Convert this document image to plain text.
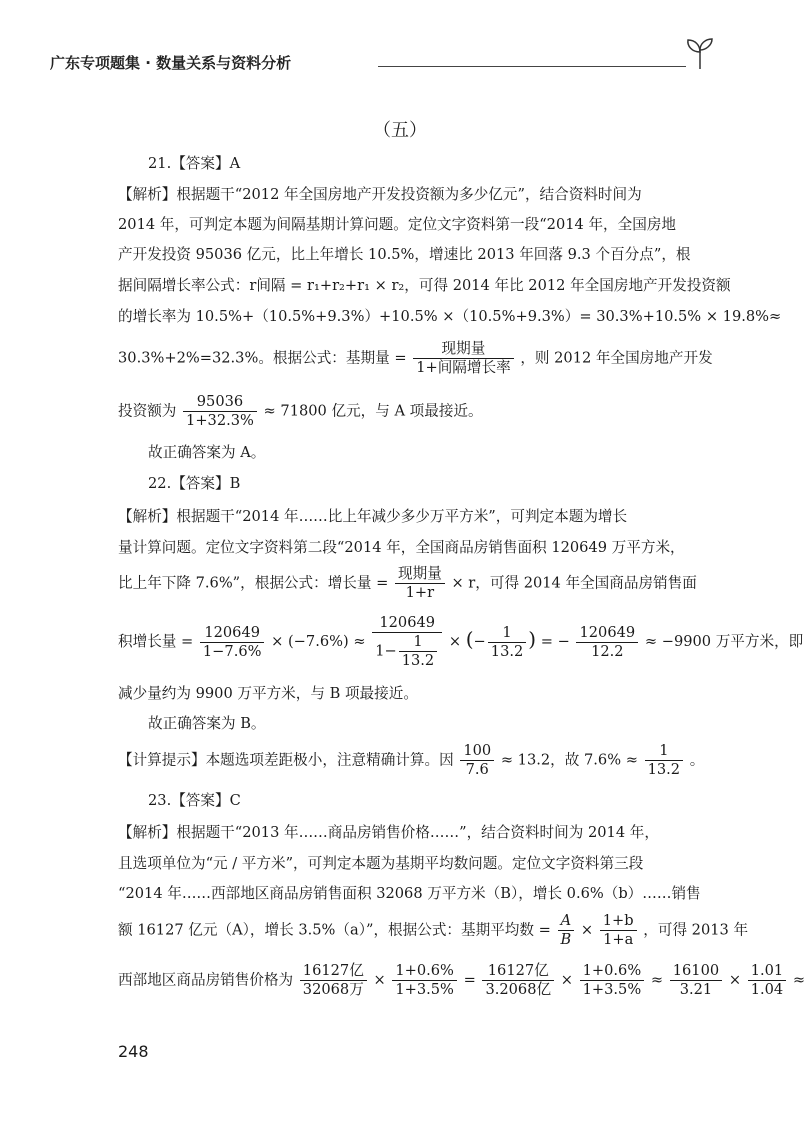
广东专项题集 · 数量关系与资料分析
（五）
21.【答案】A
【解析】根据题干“2012 年全国房地产开发投资额为多少亿元”，结合资料时间为
2014 年，可判定本题为间隔基期计算问题。定位文字资料第一段“2014 年，全国房地
产开发投资 95036 亿元，比上年增长 10.5%，增速比 2013 年回落 9.3 个百分点”，根
据间隔增长率公式：r间隔 = r₁+r₂+r₁ × r₂，可得 2014 年比 2012 年全国房地产开发投资额
的增长率为 10.5%+（10.5%+9.3%）+10.5% ×（10.5%+9.3%）= 30.3%+10.5% × 19.8%≈
30.3%+2%=32.3%。根据公式：基期量 =
现期量
1+间隔增长率
，则 2012 年全国房地产开发
投资额为 $\frac{95036}{1+32.3\%} \approx 71800$ 亿元，与 A 项最接近。
故正确答案为 A。
22.【答案】B
【解析】根据题干“2014 年……比上年减少多少万平方米”，可判定本题为增长
量计算问题。定位文字资料第二段“2014 年，全国商品房销售面积 120649 万平方米，
比上年下降 7.6%”，根据公式：增长量 =
现期量
1+r
× r，可得 2014 年全国商品房销售面
积增长量 = $\frac{120649}{1-7.6\%} \times (-7.6\%) \approx \frac{120649}{1- \frac{1}{13.2}}$ × (− $\frac{1}{13.2}$ ) = − $\frac{120649}{12.2} \approx -9900$ 万平方米，即
减少量约为 9900 万平方米，与 B 项最接近。
故正确答案为 B。
【计算提示】本题选项差距极小，注意精确计算。因 $\frac{100}{7.6} \approx 13.2$，故 $7.6\% \approx \frac{1}{13.2}$ 。
23.【答案】C
【解析】根据题干“2013 年……商品房销售价格……”，结合资料时间为 2014 年，
且选项单位为“元 / 平方米”，可判定本题为基期平均数问题。定位文字资料第三段
“2014 年……西部地区商品房销售面积 32068 万平方米（B），增长 0.6%（b）……销售
额 16127 亿元（A），增长 3.5%（a）”，根据公式：基期平均数 = $\frac{A}{B} \times \frac{1+b}{1+a}$ ，可得 2013 年
西部地区商品房销售价格为
16127亿
32068万
× $\frac{1+0.6\%}{1+3.5\%}$ =
16127亿
3.2068亿
× $\frac{1+0.6\%}{1+3.5\%} \approx \frac{16100}{3.21} \times \frac{1.01}{1.04}$ ≈
248
